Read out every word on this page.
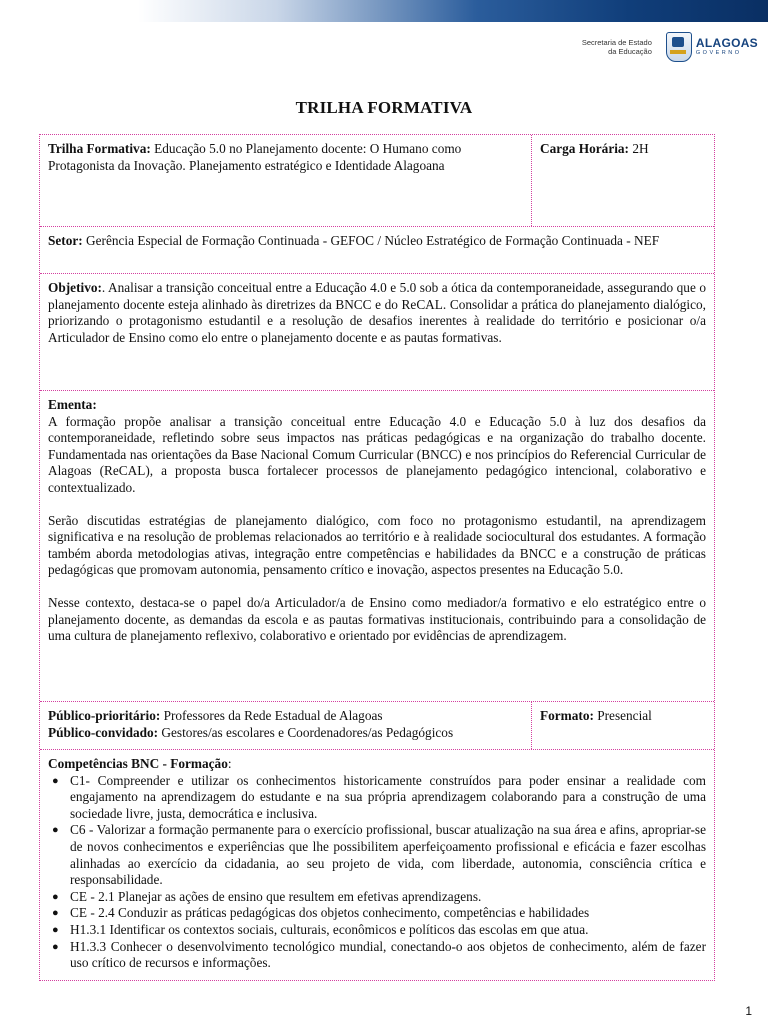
Secretaria de Estado
da Educação
ALAGOAS
GOVERNO
TRILHA FORMATIVA
Trilha Formativa: Educação 5.0 no Planejamento docente: O Humano como Protagonista da Inovação. Planejamento estratégico e Identidade Alagoana
Carga Horária: 2H
Setor: Gerência Especial de Formação Continuada - GEFOC / Núcleo Estratégico de Formação Continuada - NEF
Objetivo:. Analisar a transição conceitual entre a Educação 4.0 e 5.0 sob a ótica da contemporaneidade, assegurando que o planejamento docente esteja alinhado às diretrizes da BNCC e do ReCAL. Consolidar a prática do planejamento dialógico, priorizando o protagonismo estudantil e a resolução de desafios inerentes à realidade do território e posicionar o/a Articulador de Ensino como elo entre o planejamento docente e as pautas formativas.
Ementa:

A formação propõe analisar a transição conceitual entre Educação 4.0 e Educação 5.0 à luz dos desafios da contemporaneidade, refletindo sobre seus impactos nas práticas pedagógicas e na organização do trabalho docente. Fundamentada nas orientações da Base Nacional Comum Curricular (BNCC) e nos princípios do Referencial Curricular de Alagoas (ReCAL), a proposta busca fortalecer processos de planejamento pedagógico intencional, colaborativo e contextualizado.

Serão discutidas estratégias de planejamento dialógico, com foco no protagonismo estudantil, na aprendizagem significativa e na resolução de problemas relacionados ao território e à realidade sociocultural dos estudantes. A formação também aborda metodologias ativas, integração entre competências e habilidades da BNCC e a construção de práticas pedagógicas que promovam autonomia, pensamento crítico e inovação, aspectos presentes na Educação 5.0.

Nesse contexto, destaca-se o papel do/a Articulador/a de Ensino como mediador/a formativo e elo estratégico entre o planejamento docente, as demandas da escola e as pautas formativas institucionais, contribuindo para a consolidação de uma cultura de planejamento reflexivo, colaborativo e orientado por evidências de aprendizagem.

Público-prioritário: Professores da Rede Estadual de Alagoas
Público-convidado: Gestores/as escolares e Coordenadores/as Pedagógicos
Formato: Presencial
Competências BNC - Formação:
● C1- Compreender e utilizar os conhecimentos historicamente construídos para poder ensinar a realidade com engajamento na aprendizagem do estudante e na sua própria aprendizagem colaborando para a construção de uma sociedade livre, justa, democrática e inclusiva.
● C6 - Valorizar a formação permanente para o exercício profissional, buscar atualização na sua área e afins, apropriar-se de novos conhecimentos e experiências que lhe possibilitem aperfeiçoamento profissional e eficácia e fazer escolhas alinhadas ao exercício da cidadania, ao seu projeto de vida, com liberdade, autonomia, consciência crítica e responsabilidade.
● CE - 2.1 Planejar as ações de ensino que resultem em efetivas aprendizagens.
● CE - 2.4 Conduzir as práticas pedagógicas dos objetos conhecimento, competências e habilidades
● H1.3.1 Identificar os contextos sociais, culturais, econômicos e políticos das escolas em que atua.
● H1.3.3 Conhecer o desenvolvimento tecnológico mundial, conectando-o aos objetos de conhecimento, além de fazer uso crítico de recursos e informações.
1
